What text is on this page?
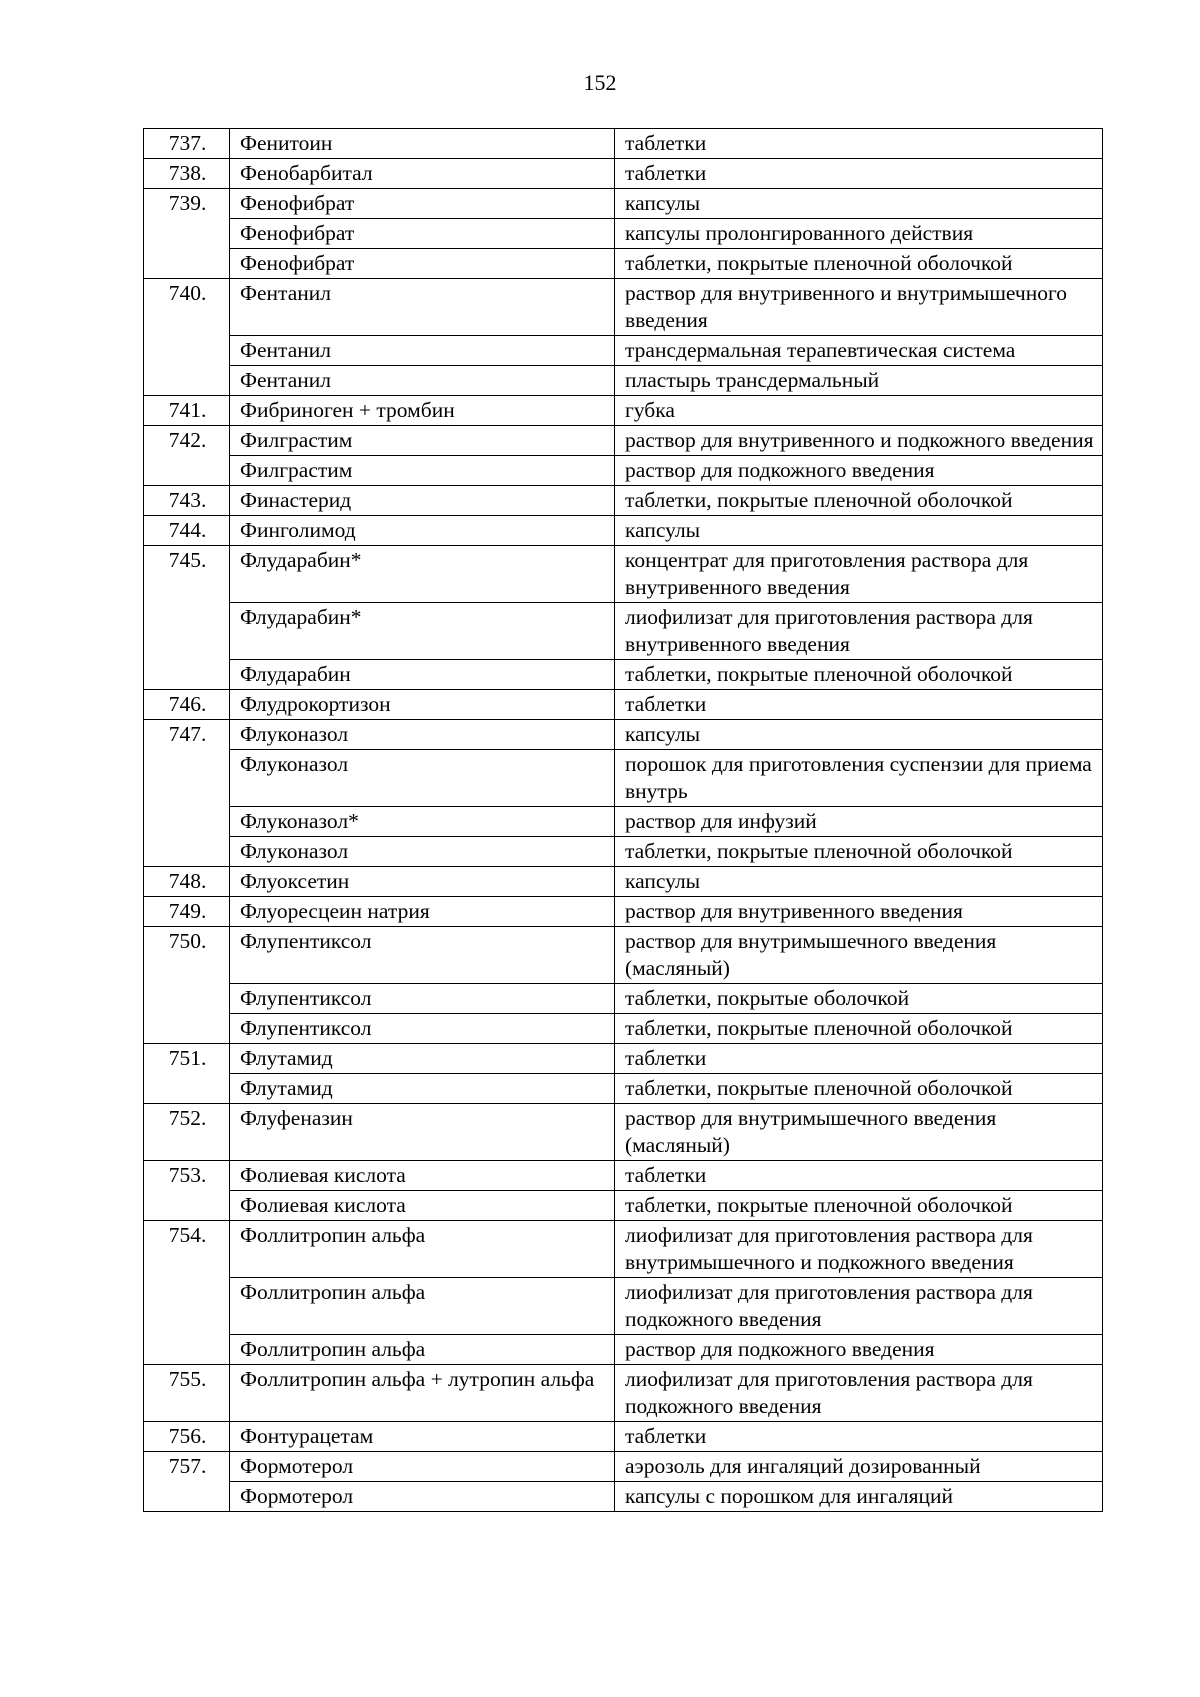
152
737.	Фенитоин	таблетки
738.	Фенобарбитал	таблетки
739.	Фенофибрат	капсулы
	Фенофибрат	капсулы пролонгированного действия
	Фенофибрат	таблетки, покрытые пленочной оболочкой
740.	Фентанил	раствор для внутривенного и внутримышечного введения
	Фентанил	трансдермальная терапевтическая система
	Фентанил	пластырь трансдермальный
741.	Фибриноген + тромбин	губка
742.	Филграстим	раствор для внутривенного и подкожного введения
	Филграстим	раствор для подкожного введения
743.	Финастерид	таблетки, покрытые пленочной оболочкой
744.	Финголимод	капсулы
745.	Флударабин*	концентрат для приготовления раствора для внутривенного введения
	Флударабин*	лиофилизат для приготовления раствора для внутривенного введения
	Флударабин	таблетки, покрытые пленочной оболочкой
746.	Флудрокортизон	таблетки
747.	Флуконазол	капсулы
	Флуконазол	порошок для приготовления суспензии для приема внутрь
	Флуконазол*	раствор для инфузий
	Флуконазол	таблетки, покрытые пленочной оболочкой
748.	Флуоксетин	капсулы
749.	Флуоресцеин натрия	раствор для внутривенного введения
750.	Флупентиксол	раствор для внутримышечного введения (масляный)
	Флупентиксол	таблетки, покрытые оболочкой
	Флупентиксол	таблетки, покрытые пленочной оболочкой
751.	Флутамид	таблетки
	Флутамид	таблетки, покрытые пленочной оболочкой
752.	Флуфеназин	раствор для внутримышечного введения (масляный)
753.	Фолиевая кислота	таблетки
	Фолиевая кислота	таблетки, покрытые пленочной оболочкой
754.	Фоллитропин альфа	лиофилизат для приготовления раствора для внутримышечного и подкожного введения
	Фоллитропин альфа	лиофилизат для приготовления раствора для подкожного введения
	Фоллитропин альфа	раствор для подкожного введения
755.	Фоллитропин альфа + лутропин альфа	лиофилизат для приготовления раствора для подкожного введения
756.	Фонтурацетам	таблетки
757.	Формотерол	аэрозоль для ингаляций дозированный
	Формотерол	капсулы с порошком для ингаляций
